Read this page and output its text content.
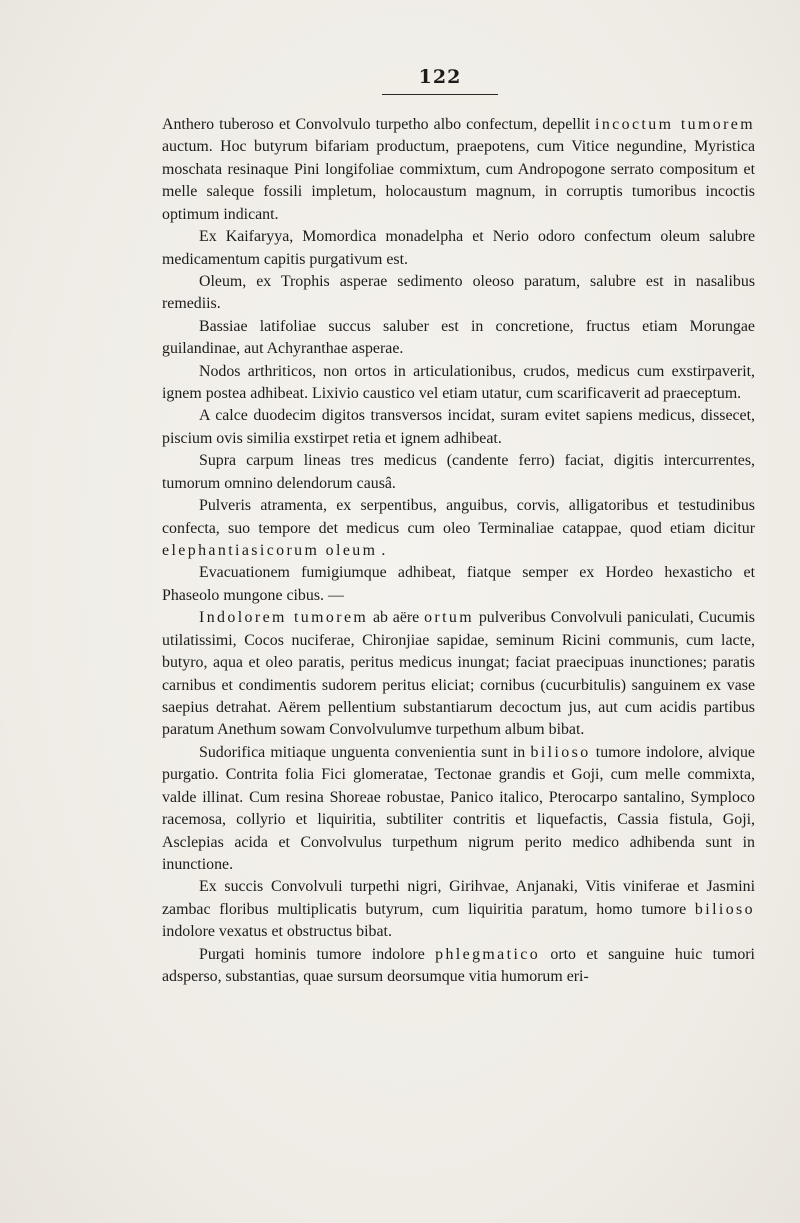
122

Anthero tuberoso et Convolvulo turpetho albo confectum, depellit incoctum tumorem auctum. Hoc butyrum bifariam productum, praepotens, cum Vitice negundine, Myristica moschata resinaque Pini longifoliae commixtum, cum Andropogone serrato compositum et melle saleque fossili impletum, holocaustum magnum, in corruptis tumoribus incoctis optimum indicant.

Ex Kaifaryya, Momordica monadelpha et Nerio odoro confectum oleum salubre medicamentum capitis purgativum est.

Oleum, ex Trophis asperae sedimento oleoso paratum, salubre est in nasalibus remediis.

Bassiae latifoliae succus saluber est in concretione, fructus etiam Morungae guilandinae, aut Achyranthae asperae.

Nodos arthriticos, non ortos in articulationibus, crudos, medicus cum exstirpaverit, ignem postea adhibeat. Lixivio caustico vel etiam utatur, cum scarificaverit ad praeceptum.

A calce duodecim digitos transversos incidat, suram evitet sapiens medicus, dissecet, piscium ovis similia exstirpet retia et ignem adhibeat.

Supra carpum lineas tres medicus (candente ferro) faciat, digitis intercurrentes, tumorum omnino delendorum causâ.

Pulveris atramenta, ex serpentibus, anguibus, corvis, alligatoribus et testudinibus confecta, suo tempore det medicus cum oleo Terminaliae catappae, quod etiam dicitur elephantiasicorum oleum .

Evacuationem fumigiumque adhibeat, fiatque semper ex Hordeo hexasticho et Phaseolo mungone cibus. —

Indolorem tumorem ab aëre ortum pulveribus Convolvuli paniculati, Cucumis utilatissimi, Cocos nuciferae, Chironjiae sapidae, seminum Ricini communis, cum lacte, butyro, aqua et oleo paratis, peritus medicus inungat; faciat praecipuas inunctiones; paratis carnibus et condimentis sudorem peritus eliciat; cornibus (cucurbitulis) sanguinem ex vase saepius detrahat. Aërem pellentium substantiarum decoctum jus, aut cum acidis partibus paratum Anethum sowam Convolvulumve turpethum album bibat.

Sudorifica mitiaque unguenta convenientia sunt in bilioso tumore indolore, alvique purgatio. Contrita folia Fici glomeratae, Tectonae grandis et Goji, cum melle commixta, valde illinat. Cum resina Shoreae robustae, Panico italico, Pterocarpo santalino, Symploco racemosa, collyrio et liquiritia, subtiliter contritis et liquefactis, Cassia fistula, Goji, Asclepias acida et Convolvulus turpethum nigrum perito medico adhibenda sunt in inunctione.

Ex succis Convolvuli turpethi nigri, Girihvae, Anjanaki, Vitis viniferae et Jasmini zambac floribus multiplicatis butyrum, cum liquiritia paratum, homo tumore bilioso indolore vexatus et obstructus bibat.

Purgati hominis tumore indolore phlegmatico orto et sanguine huic tumori adsperso, substantias, quae sursum deorsumque vitia humorum eri-
